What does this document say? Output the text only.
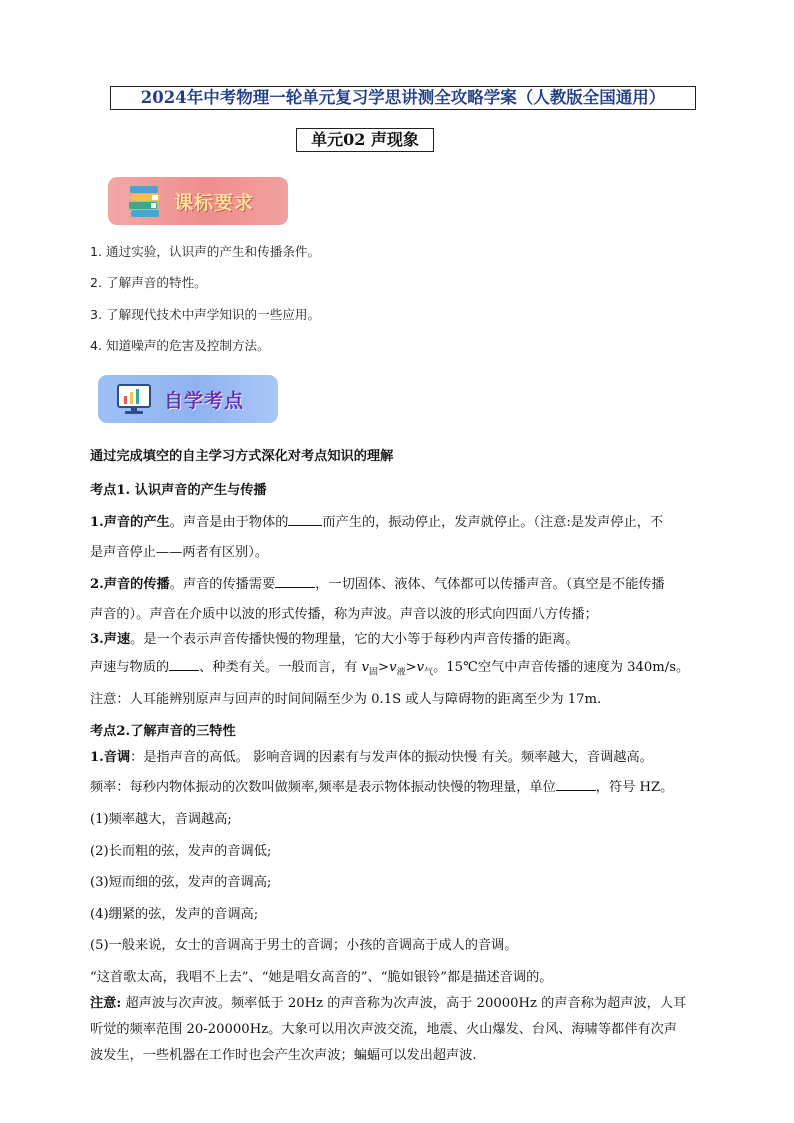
2024年中考物理一轮单元复习学思讲测全攻略学案（人教版全国通用）
单元02 声现象
课标要求
1. 通过实验，认识声的产生和传播条件。
2. 了解声音的特性。
3. 了解现代技术中声学知识的一些应用。
4. 知道噪声的危害及控制方法。
自学考点
通过完成填空的自主学习方式深化对考点知识的理解
考点1. 认识声音的产生与传播
1.声音的产生。声音是由于物体的	而产生的，振动停止，发声就停止。（注意:是发声停止，不
是声音停止——两者有区别）。
2.声音的传播。声音的传播需要	，一切固体、液体、气体都可以传播声音。（真空是不能传播
声音的）。声音在介质中以波的形式传播，称为声波。声音以波的形式向四面八方传播；
3.声速。是一个表示声音传播快慢的物理量，它的大小等于每秒内声音传播的距离。
声速与物质的 、种类有关。一般而言，有 $v_固>v_液>v_气$。15℃空气中声音传播的速度为 340m/s。
注意：人耳能辨别原声与回声的时间间隔至少为 0.1S 或人与障碍物的距离至少为 17m.
考点2.了解声音的三特性
1.音调：是指声音的高低。 影响音调的因素有与发声体的振动快慢 有关。频率越大，音调越高。
频率：每秒内物体振动的次数叫做频率,频率是表示物体振动快慢的物理量，单位	，符号 HZ。
(1)频率越大，音调越高;
(2)长而粗的弦，发声的音调低;
(3)短而细的弦，发声的音调高;
(4)绷紧的弦，发声的音调高;
(5)一般来说，女士的音调高于男士的音调；小孩的音调高于成人的音调。
“这首歌太高，我唱不上去”、“她是唱女高音的”、“脆如银铃”都是描述音调的。
注意: 超声波与次声波。频率低于 20Hz 的声音称为次声波，高于 20000Hz 的声音称为超声波，人耳
听觉的频率范围 20-20000Hz。大象可以用次声波交流，地震、火山爆发、台风、海啸等都伴有次声
波发生，一些机器在工作时也会产生次声波；蝙蝠可以发出超声波.
